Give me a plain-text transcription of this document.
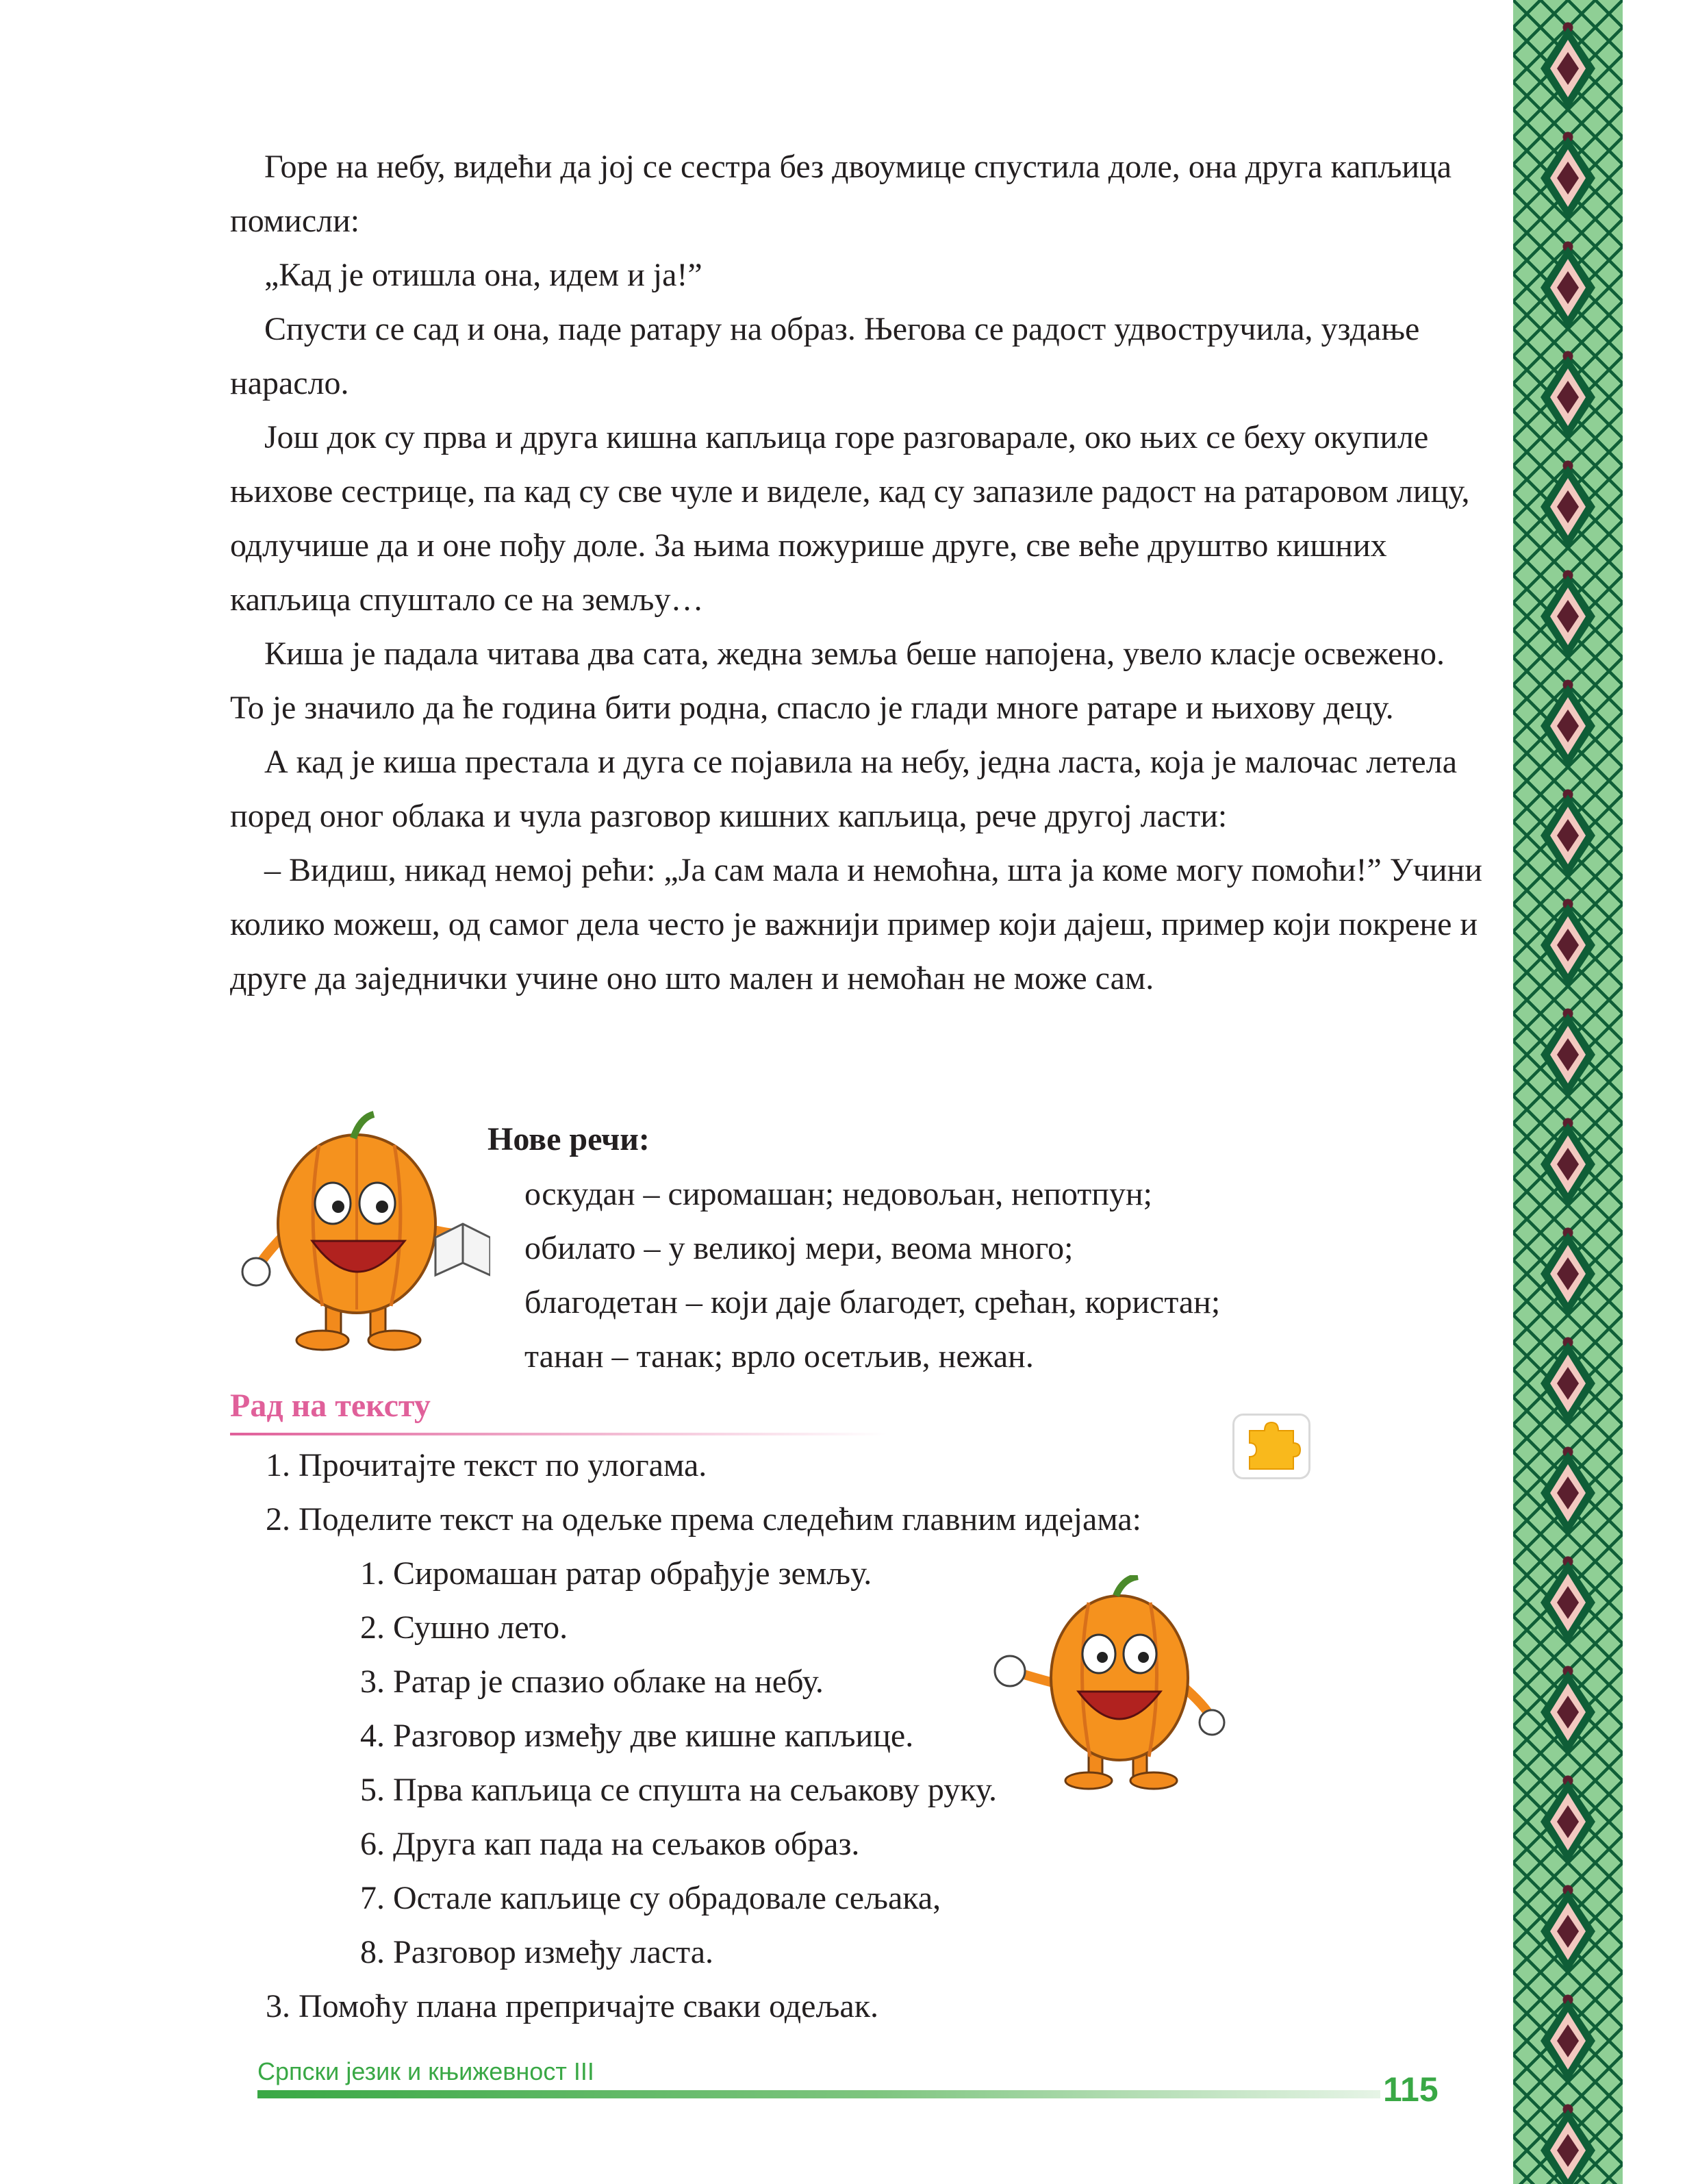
Горе на небу, видећи да јој се сестра без двоумице спустила доле, она друга капљица помисли:

„Кад је отишла она, идем и ја!”

Спусти се сад и она, паде ратару на образ. Његова се радост удвостручила, уздање нарасло.

Још док су прва и друга кишна капљица горе разговарале, око њих се беху окупиле њихове сестрице, па кад су све чуле и виделе, кад су запазиле радост на ратаровом лицу, одлучише да и оне пођу доле. За њима пожурише друге, све веће друштво кишних капљица спуштало се на земљу…

Киша је падала читава два сата, жедна земља беше напојена, увело класје освежено. То је значило да ће година бити родна, спасло је глади многе ратаре и њихову децу.

А кад је киша престала и дуга се појавила на небу, једна ласта, која је малочас летела поред оног облака и чула разговор кишних капљица, рече другој ласти:

– Видиш, никад немој рећи: „Ја сам мала и немоћна, шта ја коме могу помоћи!” Учини колико можеш, од самог дела често је важнији пример који дајеш, пример који покрене и друге да заједнички учине оно што мален и немоћан не може сам.

Нове речи:
оскудан – сиромашан; недовољан, непотпун;
обилато – у великој мери, веома много;
благодетан – који даје благодет, срећан, користан;
танан – танак; врло осетљив, нежан.
Рад на тексту
1. Прочитајте текст по улогама.
2. Поделите текст на одељке према следећим главним идејама:
1. Сиромашан ратар обрађује земљу.
2. Сушно лето.
3. Ратар је спазио облаке на небу.
4. Разговор између две кишне капљице.
5. Прва капљица се спушта на сељакову руку.
6. Друга кап пада на сељаков образ.
7. Остале капљице су обрадовале сељака,
8. Разговор између ласта.
3. Помоћу плана препричајте сваки одељак.
Српски језик и књижевност III	115
